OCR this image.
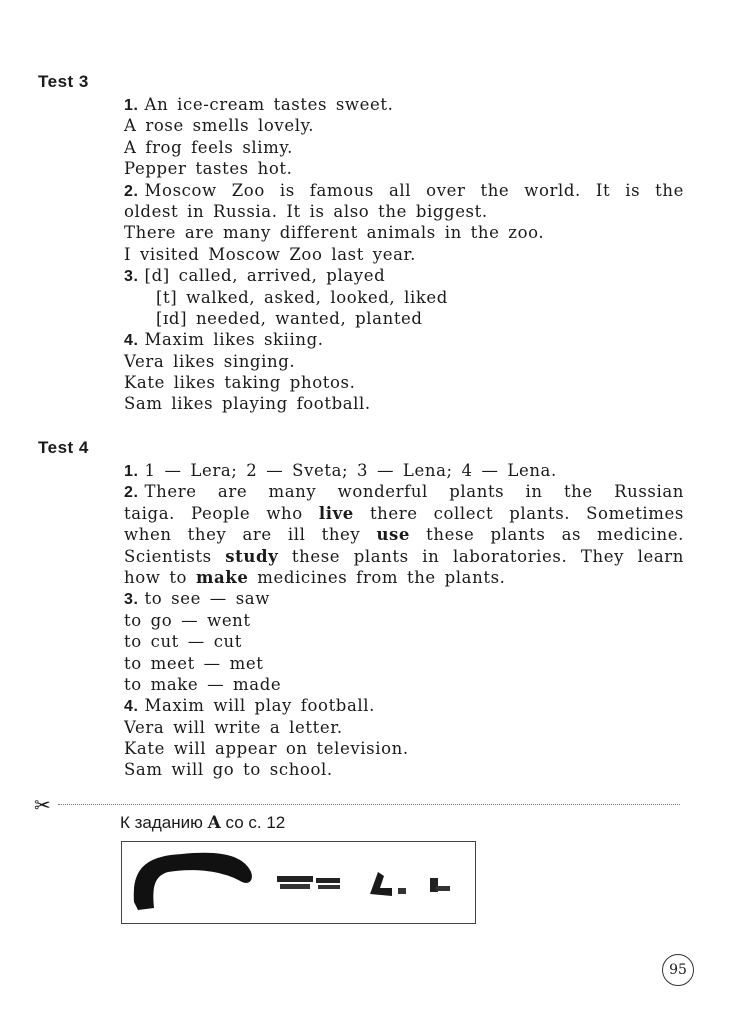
Test 3
1. An ice-cream tastes sweet.
A rose smells lovely.
A frog feels slimy.
Pepper tastes hot.
2. Moscow Zoo is famous all over the world. It is the
oldest in Russia. It is also the biggest.
There are many different animals in the zoo.
I visited Moscow Zoo last year.
3. [d] called, arrived, played
[t] walked, asked, looked, liked
[ɪd] needed, wanted, planted
4. Maxim likes skiing.
Vera likes singing.
Kate likes taking photos.
Sam likes playing football.
Test 4
1. 1 — Lera; 2 — Sveta; 3 — Lena; 4 — Lena.
2. There are many wonderful plants in the Russian
taiga. People who live there collect plants. Sometimes
when they are ill they use these plants as medicine.
Scientists study these plants in laboratories. They learn
how to make medicines from the plants.
3. to see — saw
to go — went
to cut — cut
to meet — met
to make — made
4. Maxim will play football.
Vera will write a letter.
Kate will appear on television.
Sam will go to school.
✂
К заданию A со с. 12
95
